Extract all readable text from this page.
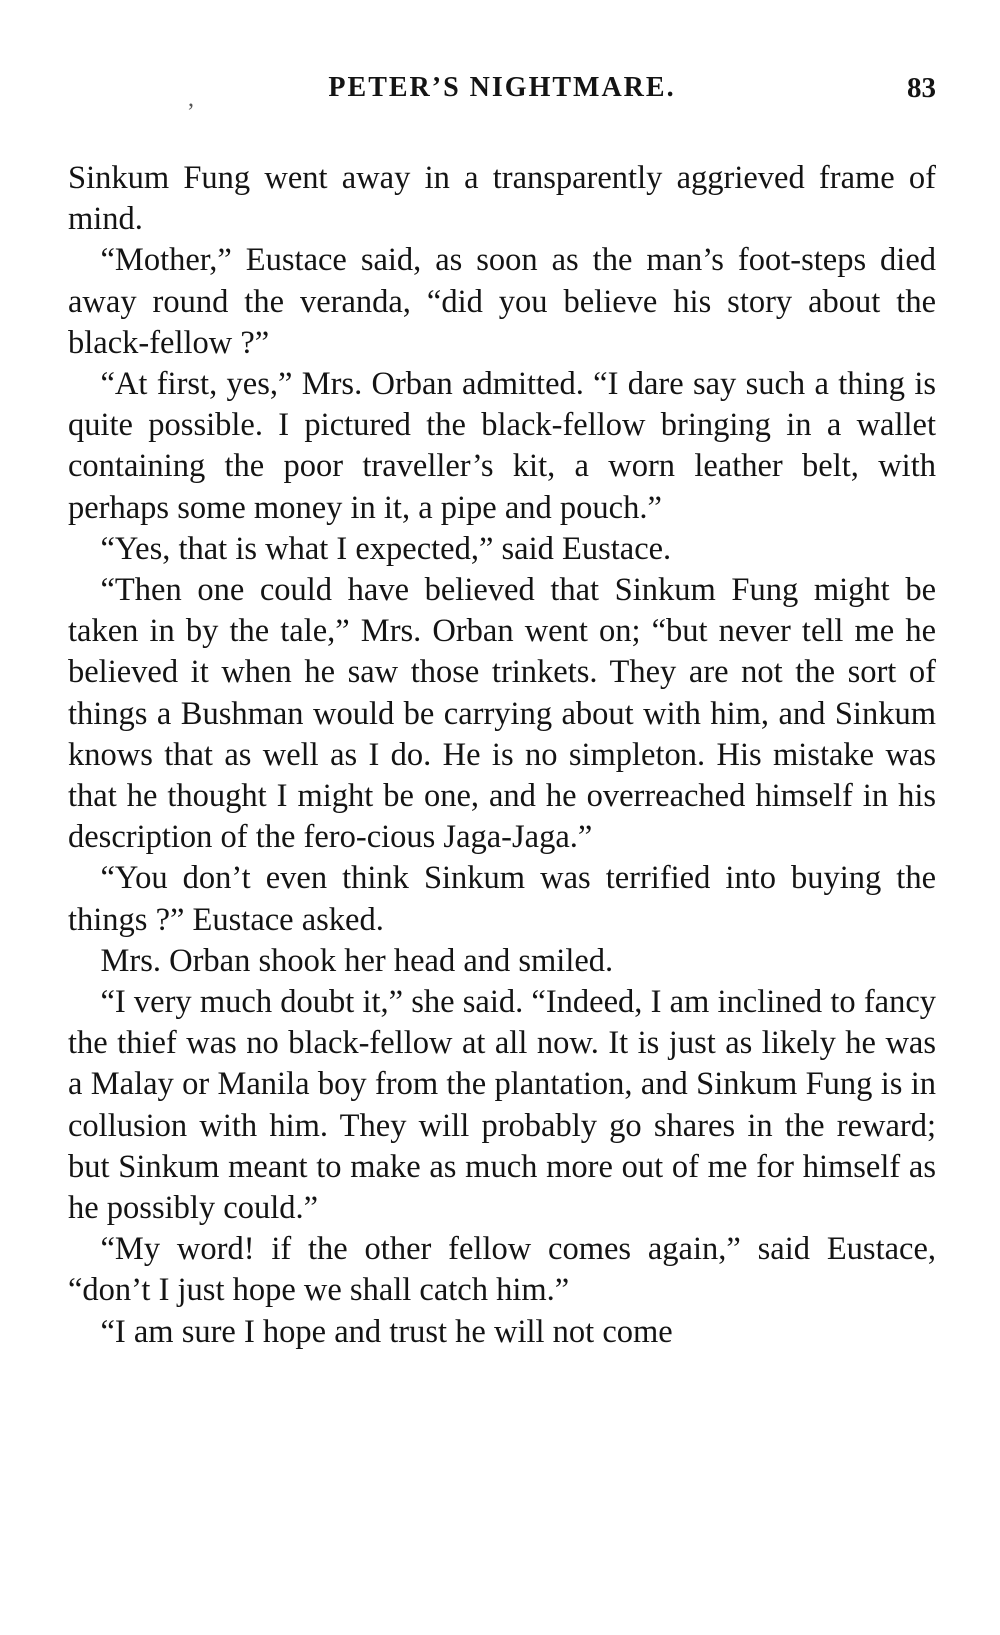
,	PETER’S NIGHTMARE.	83

Sinkum Fung went away in a transparently aggrieved frame of mind.

“Mother,” Eustace said, as soon as the man’s foot-steps died away round the veranda, “did you believe his story about the black-fellow ?”

“At first, yes,” Mrs. Orban admitted. “I dare say such a thing is quite possible. I pictured the black-fellow bringing in a wallet containing the poor traveller’s kit, a worn leather belt, with perhaps some money in it, a pipe and pouch.”

“Yes, that is what I expected,” said Eustace.

“Then one could have believed that Sinkum Fung might be taken in by the tale,” Mrs. Orban went on; “but never tell me he believed it when he saw those trinkets. They are not the sort of things a Bushman would be carrying about with him, and Sinkum knows that as well as I do. He is no simpleton. His mistake was that he thought I might be one, and he overreached himself in his description of the fero-cious Jaga-Jaga.”

“You don’t even think Sinkum was terrified into buying the things ?” Eustace asked.

Mrs. Orban shook her head and smiled.

“I very much doubt it,” she said. “Indeed, I am inclined to fancy the thief was no black-fellow at all now. It is just as likely he was a Malay or Manila boy from the plantation, and Sinkum Fung is in collusion with him. They will probably go shares in the reward; but Sinkum meant to make as much more out of me for himself as he possibly could.”

“My word! if the other fellow comes again,” said Eustace, “don’t I just hope we shall catch him.”

“I am sure I hope and trust he will not come
